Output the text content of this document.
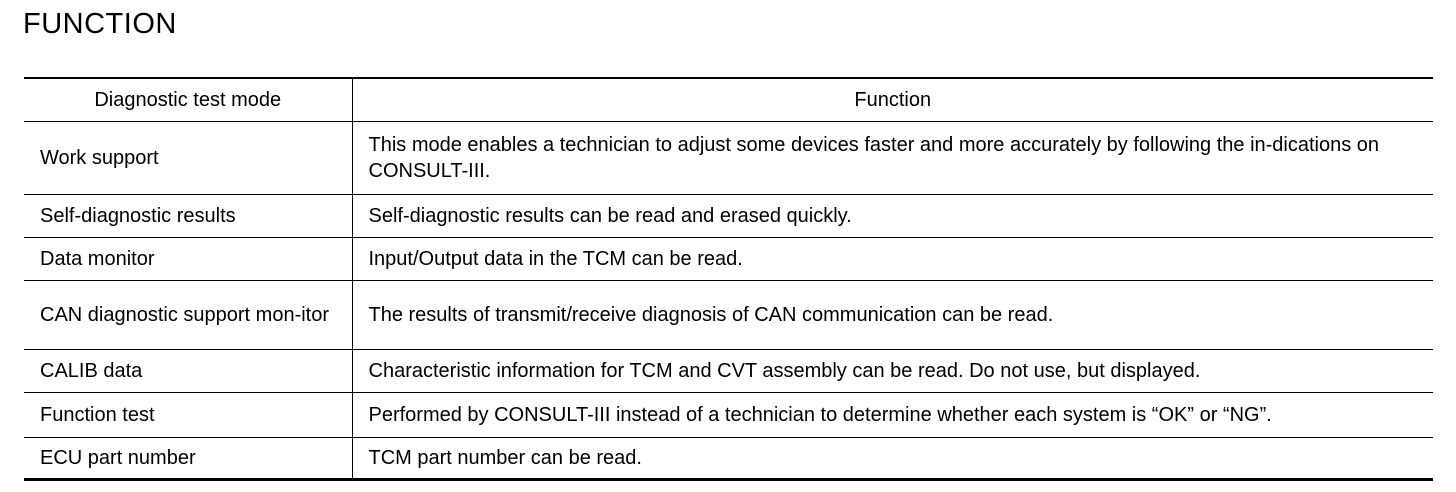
FUNCTION
Diagnostic test mode	Function
Work support	This mode enables a technician to adjust some devices faster and more accurately by following the in-dications on CONSULT-III.
Self-diagnostic results	Self-diagnostic results can be read and erased quickly.
Data monitor	Input/Output data in the TCM can be read.
CAN diagnostic support mon-itor	The results of transmit/receive diagnosis of CAN communication can be read.
CALIB data	Characteristic information for TCM and CVT assembly can be read. Do not use, but displayed.
Function test	Performed by CONSULT-III instead of a technician to determine whether each system is “OK” or “NG”.
ECU part number	TCM part number can be read.
